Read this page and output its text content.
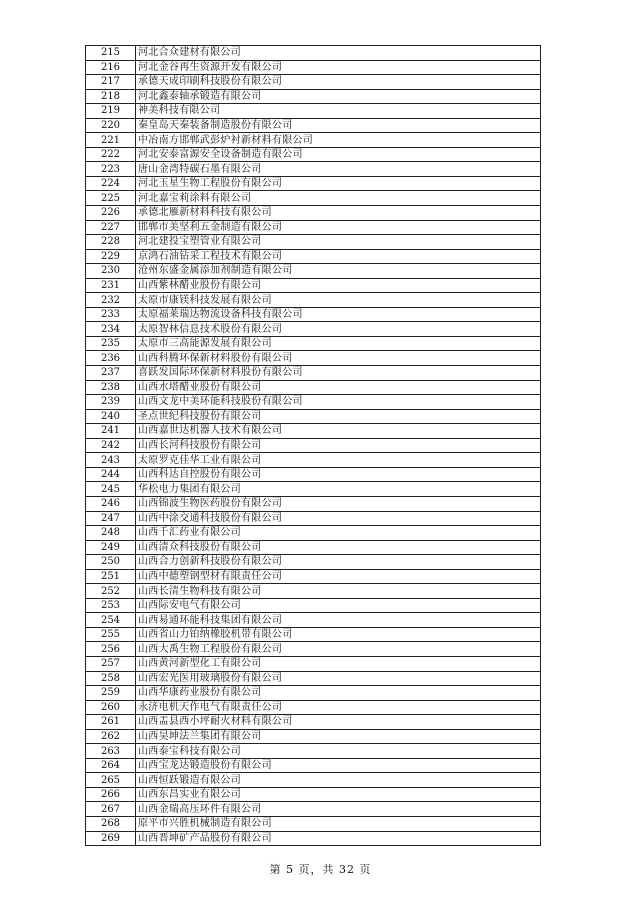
215	河北合众建材有限公司
216	河北金谷再生资源开发有限公司
217	承德天成印刷科技股份有限公司
218	河北鑫泰轴承锻造有限公司
219	神美科技有限公司
220	秦皇岛天秦装备制造股份有限公司
221	中冶南方邯郸武彭炉衬新材料有限公司
222	河北安泰富源安全设备制造有限公司
223	唐山金湾特碳石墨有限公司
224	河北玉星生物工程股份有限公司
225	河北嘉宝莉涂料有限公司
226	承德北雁新材料科技有限公司
227	邯郸市美坚利五金制造有限公司
228	河北建投宝塑管业有限公司
229	京鸿石油钻采工程技术有限公司
230	沧州东盛金属添加剂制造有限公司
231	山西紫林醋业股份有限公司
232	太原市康镁科技发展有限公司
233	太原福莱瑞达物流设备科技有限公司
234	太原智林信息技术股份有限公司
235	太原市三高能源发展有限公司
236	山西科腾环保新材料股份有限公司
237	喜跃发国际环保新材料股份有限公司
238	山西水塔醋业股份有限公司
239	山西文龙中美环能科技股份有限公司
240	圣点世纪科技股份有限公司
241	山西嘉世达机器人技术有限公司
242	山西长河科技股份有限公司
243	太原罗克佳华工业有限公司
244	山西科达自控股份有限公司
245	华松电力集团有限公司
246	山西锦波生物医药股份有限公司
247	山西中涂交通科技股份有限公司
248	山西千汇药业有限公司
249	山西清众科技股份有限公司
250	山西合力创新科技股份有限公司
251	山西中德塑钢型材有限责任公司
252	山西长清生物科技有限公司
253	山西际安电气有限公司
254	山西易通环能科技集团有限公司
255	山西省山力铂纳橡胶机带有限公司
256	山西大禹生物工程股份有限公司
257	山西黄河新型化工有限公司
258	山西宏光医用玻璃股份有限公司
259	山西华康药业股份有限公司
260	永济电机天作电气有限责任公司
261	山西盂县西小坪耐火材料有限公司
262	山西昊坤法兰集团有限公司
263	山西泰宝科技有限公司
264	山西宝龙达锻造股份有限公司
265	山西恒跃锻造有限公司
266	山西东昌实业有限公司
267	山西金瑞高压环件有限公司
268	原平市兴胜机械制造有限公司
269	山西晋坤矿产品股份有限公司
第 5 页，共 32 页
